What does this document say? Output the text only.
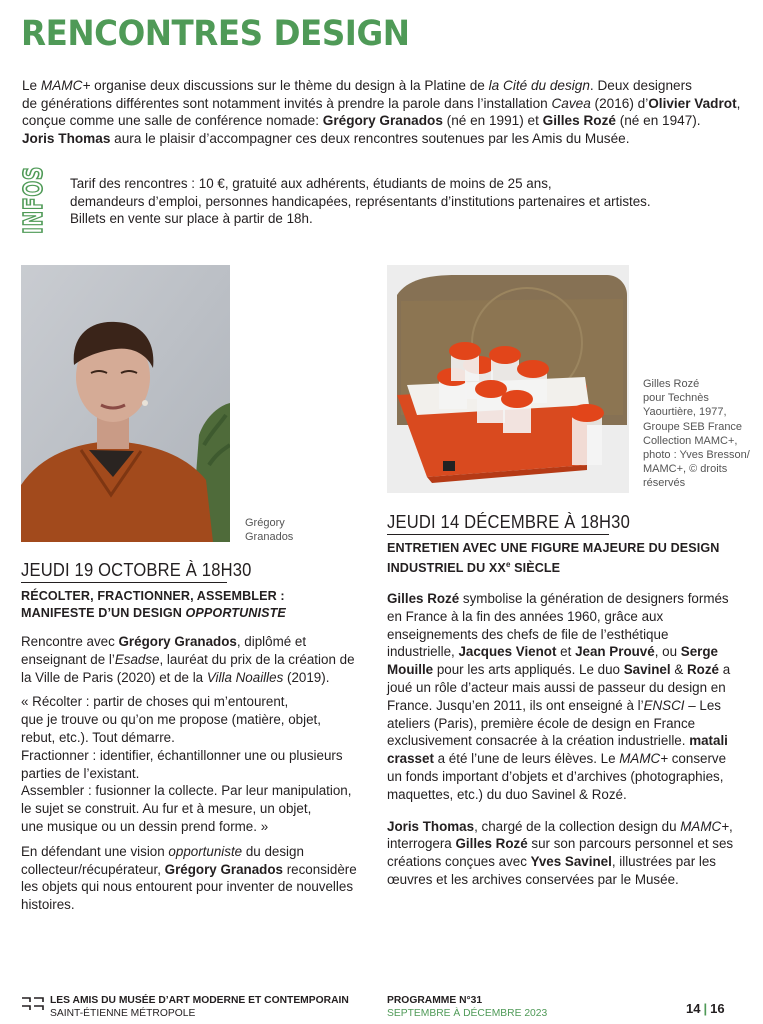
RENCONTRES DESIGN

Le MAMC+ organise deux discussions sur le thème du design à la Platine de la Cité du design. Deux designers

de générations différentes sont notamment invités à prendre la parole dans l’installation Cavea (2016) d’Olivier Vadrot,

conçue comme une salle de conférence nomade: Grégory Granados (né en 1991) et Gilles Rozé (né en 1947).

Joris Thomas aura le plaisir d’accompagner ces deux rencontres soutenues par les Amis du Musée.

INFOS Tarif des rencontres : 10 €, gratuité aux adhérents, étudiants de moins de 25 ans,

demandeurs d’emploi, personnes handicapées, représentants d’institutions partenaires et artistes.

Billets en vente sur place à partir de 18h.

Grégory
Granados
Gilles Rozé
pour Technès
Yaourtière, 1977,
Groupe SEB France
Collection MAMC+,
photo : Yves Bresson/
MAMC+, © droits
réservés
JEUDI 19 OCTOBRE À 18H30
RÉCOLTER, FRACTIONNER, ASSEMBLER :
MANIFESTE D’UN DESIGN OPPORTUNISTE

Rencontre avec Grégory Granados, diplômé et enseignant de l’Esadse, lauréat du prix de la création de la Ville de Paris (2020) et de la Villa Noailles (2019).

« Récolter : partir de choses qui m’entourent,
que je trouve ou qu’on me propose (matière, objet,
rebut, etc.). Tout démarre.
Fractionner : identifier, échantillonner une ou plusieurs
parties de l’existant.
Assembler : fusionner la collecte. Par leur manipulation,
le sujet se construit. Au fur et à mesure, un objet,
une musique ou un dessin prend forme. »

En défendant une vision opportuniste du design collecteur/récupérateur, Grégory Granados reconsidère les objets qui nous entourent pour inventer de nouvelles histoires.

JEUDI 14 DÉCEMBRE À 18H30
ENTRETIEN AVEC UNE FIGURE MAJEURE DU DESIGN
INDUSTRIEL DU XXe SIÈCLE

Gilles Rozé symbolise la génération de designers formés en France à la fin des années 1960, grâce aux enseignements des chefs de file de l’esthétique industrielle, Jacques Vienot et Jean Prouvé, ou Serge Mouille pour les arts appliqués. Le duo Savinel & Rozé a joué un rôle d’acteur mais aussi de passeur du design en France. Jusqu’en 2011, ils ont enseigné à l’ENSCI – Les ateliers (Paris), première école de design en France exclusivement consacrée à la création industrielle. matali crasset a été l’une de leurs élèves. Le MAMC+ conserve un fonds important d’objets et d’archives (photographies, maquettes, etc.) du duo Savinel & Rozé.

Joris Thomas, chargé de la collection design du MAMC+, interrogera Gilles Rozé sur son parcours personnel et ses créations conçues avec Yves Savinel, illustrées par les œuvres et les archives conservées par le Musée.

LES AMIS DU MUSÉE D’ART MODERNE ET CONTEMPORAIN
SAINT-ÉTIENNE MÉTROPOLE
PROGRAMME N°31
SEPTEMBRE À DÉCEMBRE 2023	14 | 16
